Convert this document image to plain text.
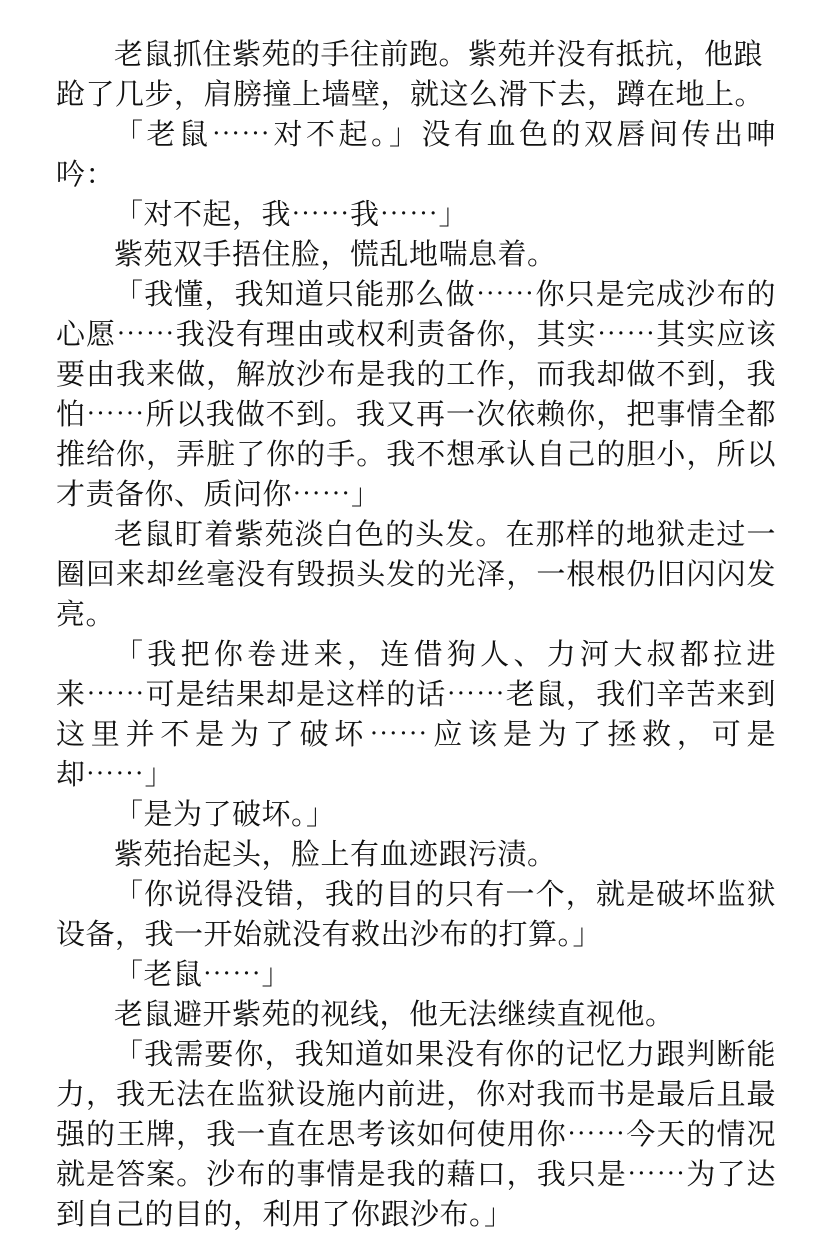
老鼠抓住紫苑的手往前跑。紫苑并没有抵抗，他踉跄了几步，肩膀撞上墙壁，就这么滑下去，蹲在地上。

「老鼠⋯⋯对不起。」没有血色的双唇间传出呻吟：

「对不起，我⋯⋯我⋯⋯」

紫苑双手捂住脸，慌乱地喘息着。

「我懂，我知道只能那么做⋯⋯你只是完成沙布的心愿⋯⋯我没有理由或权利责备你，其实⋯⋯其实应该要由我来做，解放沙布是我的工作，而我却做不到，我怕⋯⋯所以我做不到。我又再一次依赖你，把事情全都推给你，弄脏了你的手。我不想承认自己的胆小，所以才责备你、质问你⋯⋯」

老鼠盯着紫苑淡白色的头发。在那样的地狱走过一圈回来却丝毫没有毁损头发的光泽，一根根仍旧闪闪发亮。

「我把你卷进来，连借狗人、力河大叔都拉进来⋯⋯可是结果却是这样的话⋯⋯老鼠，我们辛苦来到这里并不是为了破坏⋯⋯应该是为了拯救，可是却⋯⋯」

「是为了破坏。」

紫苑抬起头，脸上有血迹跟污渍。

「你说得没错，我的目的只有一个，就是破坏监狱设备，我一开始就没有救出沙布的打算。」

「老鼠⋯⋯」

老鼠避开紫苑的视线，他无法继续直视他。

「我需要你，我知道如果没有你的记忆力跟判断能力，我无法在监狱设施内前进，你对我而书是最后且最强的王牌，我一直在思考该如何使用你⋯⋯今天的情况就是答案。沙布的事情是我的藉口，我只是⋯⋯为了达到自己的目的，利用了你跟沙布。」
